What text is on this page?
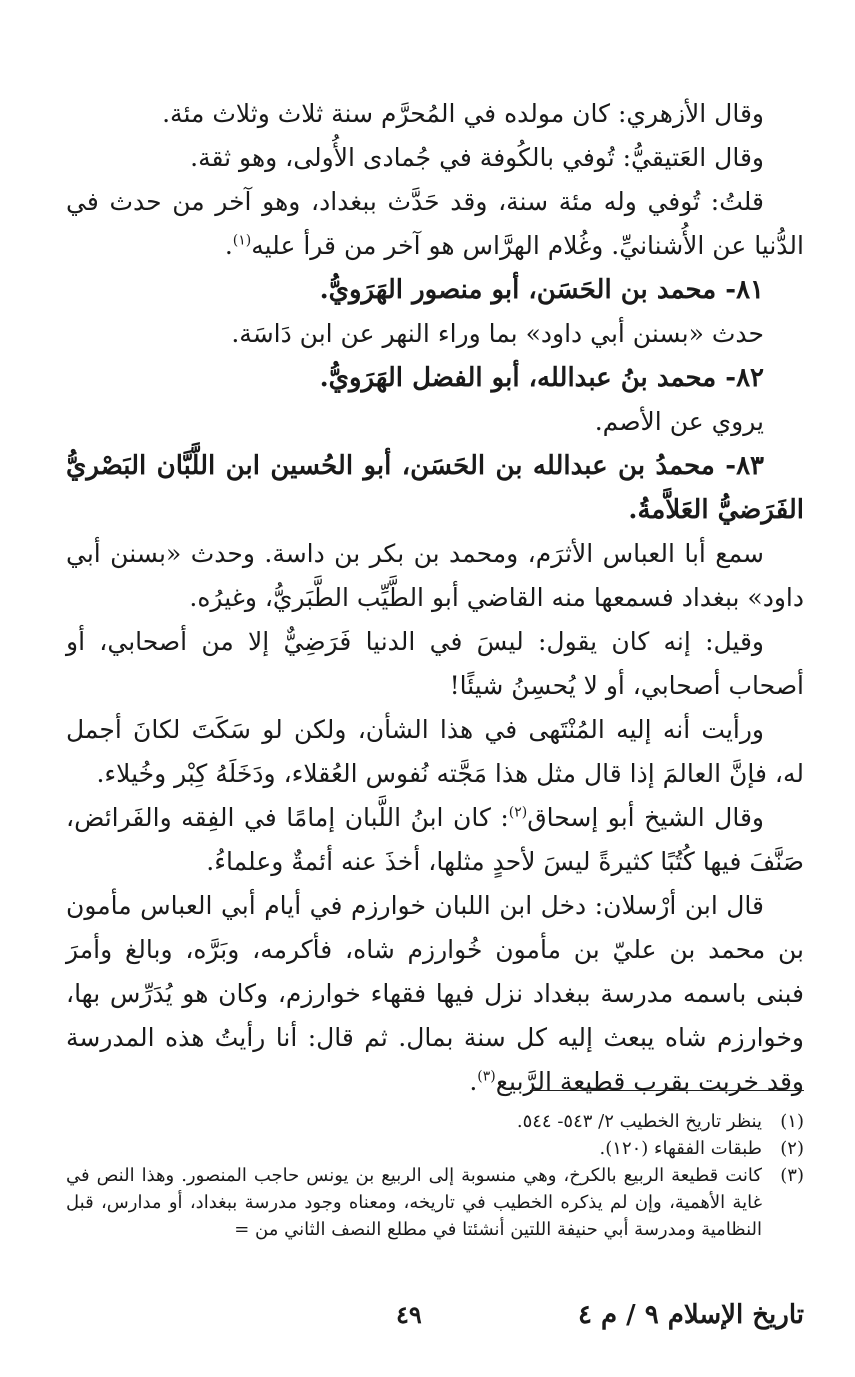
وقال الأزهري: كان مولده في المُحرَّم سنة ثلاث وثلاث مئة.

وقال العَتيقيُّ: تُوفي بالكُوفة في جُمادى الأُولى، وهو ثقة.

قلتُ: تُوفي وله مئة سنة، وقد حَدَّث ببغداد، وهو آخر من حدث في الدُّنيا عن الأُشنانيِّ. وغُلام الهرَّاس هو آخر من قرأ عليه$^{(١)}$.

٨١- محمد بن الحَسَن، أبو منصور الهَرَويُّ.

حدث «بسنن أبي داود» بما وراء النهر عن ابن دَاسَة.

٨٢- محمد بنُ عبدالله، أبو الفضل الهَرَويُّ.

يروي عن الأصم.

٨٣- محمدُ بن عبدالله بن الحَسَن، أبو الحُسين ابن اللَّبَّان البَصْريُّ الفَرَضيُّ العَلاَّمةُ.

سمع أبا العباس الأثرَم، ومحمد بن بكر بن داسة. وحدث «بسنن أبي داود» ببغداد فسمعها منه القاضي أبو الطَّيِّب الطَّبَريُّ، وغيرُه.

وقيل: إنه كان يقول: ليسَ في الدنيا فَرَضِيٌّ إلا من أصحابي، أو أصحاب أصحابي، أو لا يُحسِنُ شيئًا!

ورأيت أنه إليه المُنْتَهى في هذا الشأن، ولكن لو سَكَتَ لكانَ أجمل له، فإنَّ العالمَ إذا قال مثل هذا مَجَّته نُفوس العُقلاء، ودَخَلَهُ كِبْر وخُيلاء.

وقال الشيخ أبو إسحاق$^{(٢)}$: كان ابنُ اللَّبان إمامًا في الفِقه والفَرائض، صَنَّفَ فيها كُتُبًا كثيرةً ليسَ لأحدٍ مثلها، أخذَ عنه أئمةٌ وعلماءُ.

قال ابن أرْسلان: دخل ابن اللبان خوارزم في أيام أبي العباس مأمون بن محمد بن عليّ بن مأمون خُوارزم شاه، فأكرمه، وبَرَّه، وبالغ وأمرَ فبنى باسمه مدرسة ببغداد نزل فيها فقهاء خوارزم، وكان هو يُدَرِّس بها، وخوارزم شاه يبعث إليه كل سنة بمال. ثم قال: أنا رأيتُ هذه المدرسة وقد خربت بقرب قطيعة الرَّبيع$^{(٣)}$.

(١)
ينظر تاريخ الخطيب ٢/ ٥٤٣- ٥٤٤.
(٢)
طبقات الفقهاء (١٢٠).
(٣)
كانت قطيعة الربيع بالكرخ، وهي منسوبة إلى الربيع بن يونس حاجب المنصور. وهذا النص في غاية الأهمية، وإن لم يذكره الخطيب في تاريخه، ومعناه وجود مدرسة ببغداد، أو مدارس، قبل النظامية ومدرسة أبي حنيفة اللتين أنشئتا في مطلع النصف الثاني من =
تاريخ الإسلام ٩ / م ٤
٤٩
